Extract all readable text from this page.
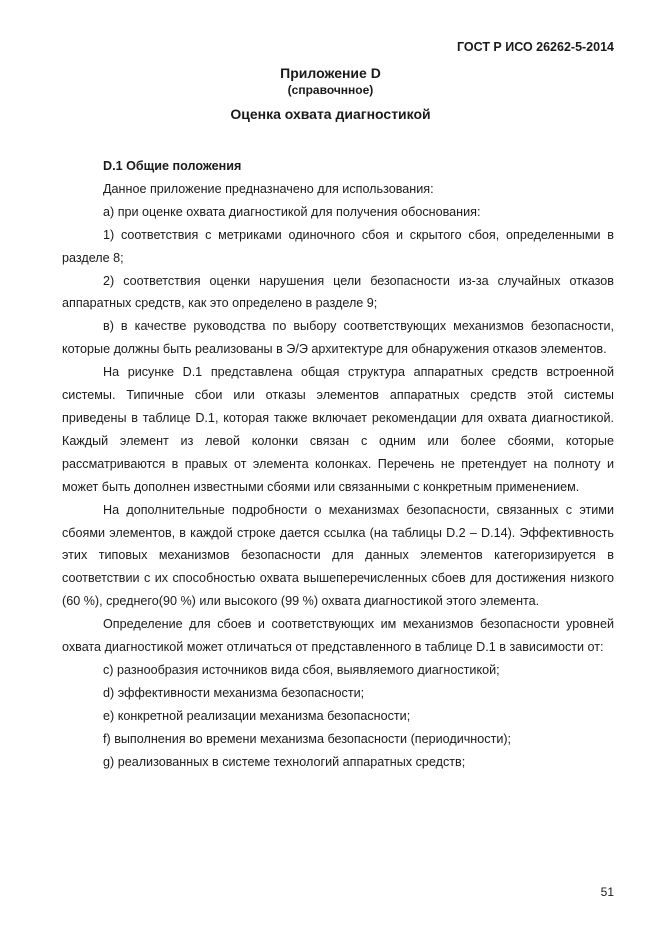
ГОСТ Р ИСО 26262-5-2014
Приложение D
(справочнное)
Оценка охвата диагностикой

D.1 Общие положения

Данное приложение предназначено для использования:

а) при оценке охвата диагностикой для получения обоснования:

1) соответствия с метриками одиночного сбоя и скрытого сбоя, определенными в разделе 8;

2) соответствия оценки нарушения цели безопасности из-за случайных отказов аппаратных средств, как это определено в разделе 9;

в) в качестве руководства по выбору соответствующих механизмов безопасности, которые должны быть реализованы в Э/Э архитектуре для обнаружения отказов элементов.

На рисунке D.1 представлена общая структура аппаратных средств встроенной системы. Типичные сбои или отказы элементов аппаратных средств этой системы приведены в таблице D.1, которая также включает рекомендации для охвата диагностикой. Каждый элемент из левой колонки связан с одним или более сбоями, которые рассматриваются в правых от элемента колонках. Перечень не претендует на полноту и может быть дополнен известными сбоями или связанными с конкретным применением.

На дополнительные подробности о механизмах безопасности, связанных с этими сбоями элементов, в каждой строке дается ссылка (на таблицы D.2 – D.14). Эффективность этих типовых механизмов безопасности для данных элементов категоризируется в соответствии с их способностью охвата вышеперечисленных сбоев для достижения низкого (60 %), среднего(90 %) или высокого (99 %) охвата диагностикой этого элемента.

Определение для сбоев и соответствующих им механизмов безопасности уровней охвата диагностикой может отличаться от представленного в таблице D.1 в зависимости от:

с) разнообразия источников вида сбоя, выявляемого диагностикой;

d) эффективности механизма безопасности;

e) конкретной реализации механизма безопасности;

f) выполнения во времени механизма безопасности (периодичности);

g) реализованных в системе технологий аппаратных средств;

51
